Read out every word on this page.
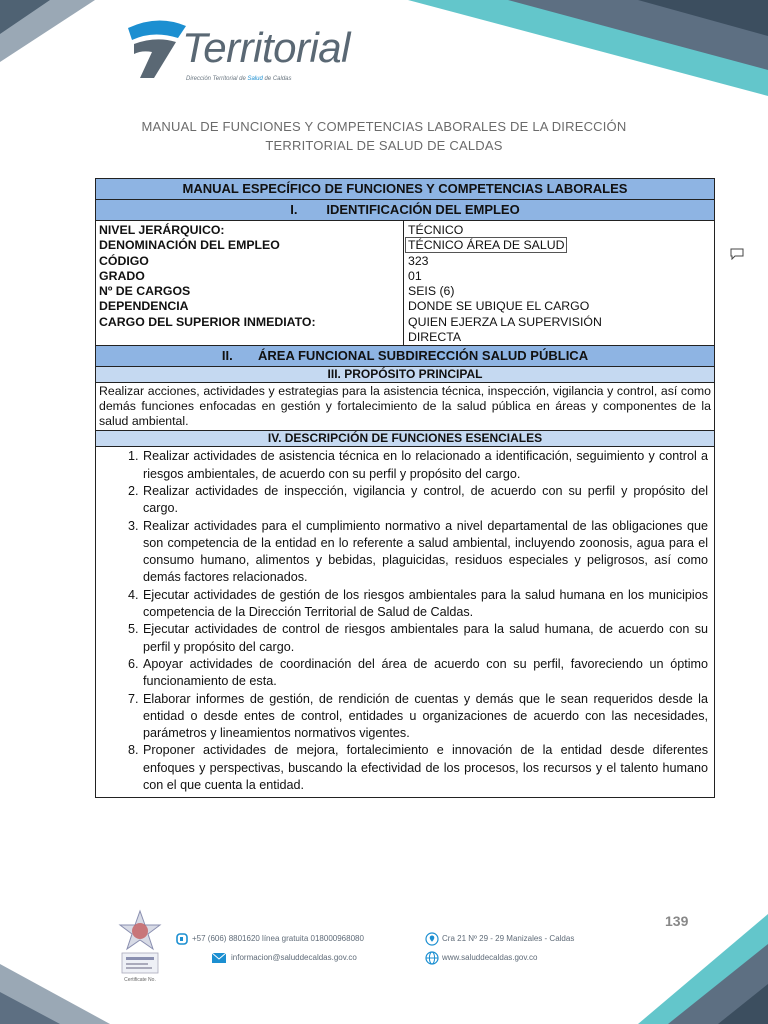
Territorial
Dirección Territorial de Salud de Caldas
MANUAL DE FUNCIONES Y COMPETENCIAS LABORALES DE LA DIRECCIÓN
TERRITORIAL DE SALUD DE CALDAS
MANUAL ESPECÍFICO DE FUNCIONES Y COMPETENCIAS LABORALES
I.        IDENTIFICACIÓN DEL EMPLEO
NIVEL JERÁRQUICO:
DENOMINACIÓN DEL EMPLEO
CÓDIGO
GRADO
Nº DE CARGOS
DEPENDENCIA
CARGO DEL SUPERIOR INMEDIATO:
TÉCNICO
TÉCNICO ÁREA DE SALUD
323
01
SEIS (6)
DONDE SE UBIQUE EL CARGO
QUIEN EJERZA LA SUPERVISIÓN
DIRECTA
II.       ÁREA FUNCIONAL SUBDIRECCIÓN SALUD PÚBLICA
III. PROPÓSITO PRINCIPAL
Realizar acciones, actividades y estrategias para la asistencia técnica, inspección, vigilancia y control, así como demás funciones enfocadas en gestión y fortalecimiento de la salud pública en áreas y componentes de la salud ambiental.
IV. DESCRIPCIÓN DE FUNCIONES ESENCIALES
1. Realizar actividades de asistencia técnica en lo relacionado a identificación, seguimiento y control a riesgos ambientales, de acuerdo con su perfil y propósito del cargo.
2. Realizar actividades de inspección, vigilancia y control, de acuerdo con su perfil y propósito del cargo.
3. Realizar actividades para el cumplimiento normativo a nivel departamental de las obligaciones que son competencia de la entidad en lo referente a salud ambiental, incluyendo zoonosis, agua para el consumo humano, alimentos y bebidas, plaguicidas, residuos especiales y peligrosos, así como demás factores relacionados.
4. Ejecutar actividades de gestión de los riesgos ambientales para la salud humana en los municipios competencia de la Dirección Territorial de Salud de Caldas.
5. Ejecutar actividades de control de riesgos ambientales para la salud humana, de acuerdo con su perfil y propósito del cargo.
6. Apoyar actividades de coordinación del área de acuerdo con su perfil, favoreciendo un óptimo funcionamiento de esta.
7. Elaborar informes de gestión, de rendición de cuentas y demás que le sean requeridos desde la entidad o desde entes de control, entidades u organizaciones de acuerdo con las necesidades, parámetros y lineamientos normativos vigentes.
8. Proponer actividades de mejora, fortalecimiento e innovación de la entidad desde diferentes enfoques y perspectivas, buscando la efectividad de los procesos, los recursos y el talento humano con el que cuenta la entidad.
Certificate No.
+57 (606) 8801620 línea gratuita 018000968080	Cra 21 Nº 29 - 29 Manizales - Caldas
informacion@saluddecaldas.gov.co	www.saluddecaldas.gov.co
139
